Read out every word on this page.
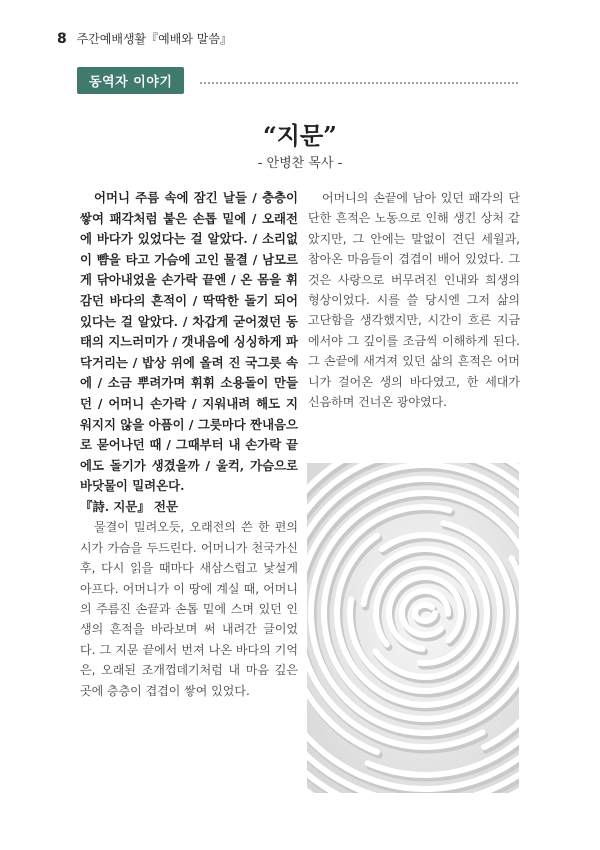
8 주간예배생활『예배와 말씀』
동역자 이야기
“지문”
- 안병찬 목사 -

어머니 주름 속에 잠긴 날들 / 층층이 쌓여 패각처럼 붙은 손톱 밑에 / 오래전에 바다가 있었다는 걸 알았다. / 소리없이 뺨을 타고 가슴에 고인 물결 / 남모르게 닦아내었을 손가락 끝엔 / 온 몸을 휘감던 바다의 흔적이 / 딱딱한 돌기 되어 있다는 걸 알았다. / 차갑게 굳어졌던 동태의 지느러미가 / 갯내음에 싱싱하게 파닥거리는 / 밥상 위에 올려 진 국그릇 속에 / 소금 뿌려가며 휘휘 소용돌이 만들던 / 어머니 손가락 / 지워내려 해도 지워지지 않을 아픔이 / 그릇마다 짠내음으로 묻어나던 때 / 그때부터 내 손가락 끝에도 돌기가 생겼을까 / 울컥, 가슴으로 바닷물이 밀려온다.

『詩. 지문』 전문

물결이 밀려오듯, 오래전의 쓴 한 편의 시가 가슴을 두드린다. 어머니가 천국가신 후, 다시 읽을 때마다 새삼스럽고 낯설게 아프다. 어머니가 이 땅에 계실 때, 어머니의 주름진 손끝과 손톱 밑에 스며 있던 인생의 흔적을 바라보며 써 내려간 글이었다. 그 지문 끝에서 번져 나온 바다의 기억은, 오래된 조개껍데기처럼 내 마음 깊은 곳에 층층이 겹겹이 쌓여 있었다.

어머니의 손끝에 남아 있던 패각의 단단한 흔적은 노동으로 인해 생긴 상처 같았지만, 그 안에는 말없이 견딘 세월과, 참아온 마음들이 겹겹이 배어 있었다. 그것은 사랑으로 버무려진 인내와 희생의 형상이었다. 시를 쓸 당시엔 그저 삶의 고단함을 생각했지만, 시간이 흐른 지금에서야 그 깊이를 조금씩 이해하게 된다. 그 손끝에 새겨져 있던 삶의 흔적은 어머니가 걸어온 생의 바다였고, 한 세대가 신음하며 건너온 광야였다.
